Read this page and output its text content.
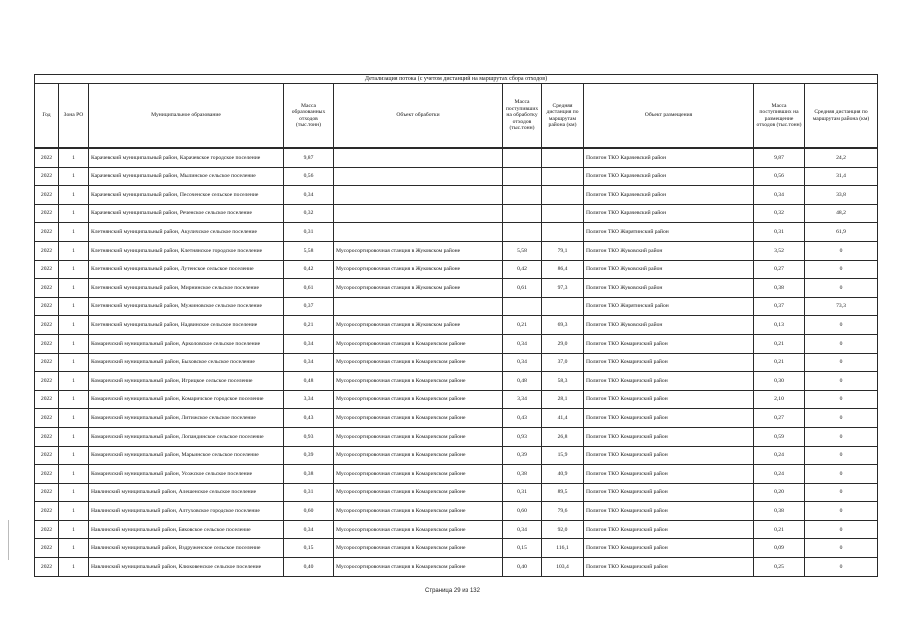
Детализация потока (с учетом дистанций на маршрутах сбора отходов)									
Год	Зона РО	Муниципальное образование	Масса образованных отходов (тыс.тонн)	Объект обработки	Масса поступивших на обработку отходов (тыс.тонн)	Средняя дистанция по маршрутам района (км)	Объект размещения	Масса поступивших на размещение отходов (тыс.тонн)	Средняя дистанция по маршрутам района (км)
2022	1	Карачевский муниципальный район, Карачевское городское поселение	9,87				Полигон ТКО Карачевский район	9,87	24,2
2022	1	Карачевский муниципальный район, Мылинское сельское поселение	0,56				Полигон ТКО Карачевский район	0,56	31,4
2022	1	Карачевский муниципальный район, Песоченское сельское поселение	0,34				Полигон ТКО Карачевский район	0,34	33,8
2022	1	Карачевский муниципальный район, Реченское сельское поселение	0,32				Полигон ТКО Карачевский район	0,32	48,2
2022	1	Клетнянский муниципальный район, Акуличское сельское поселение	0,31				Полигон ТКО Жирятинский район	0,31	61,9
2022	1	Клетнянский муниципальный район, Клетнянское городское поселение	5,58	Мусоросортировочная станция в Жуковском районе	5,58	79,1	Полигон ТКО Жуковский район	3,52	0
2022	1	Клетнянский муниципальный район, Лутенское сельское поселение	0,42	Мусоросортировочная станция в Жуковском районе	0,42	86,4	Полигон ТКО Жуковский район	0,27	0
2022	1	Клетнянский муниципальный район, Мирнинское сельское поселение	0,61	Мусоросортировочная станция в Жуковском районе	0,61	97,3	Полигон ТКО Жуковский район	0,38	0
2022	1	Клетнянский муниципальный район, Мужиновское сельское поселение	0,37				Полигон ТКО Жирятинский район	0,37	73,3
2022	1	Клетнянский муниципальный район, Надвинское сельское поселение	0,21	Мусоросортировочная станция в Жуковском районе	0,21	69,3	Полигон ТКО Жуковский район	0,13	0
2022	1	Комаричский муниципальный район, Арколовское сельское поселение	0,34	Мусоросортировочная станция в Комаричском районе	0,34	29,0	Полигон ТКО Комаричский район	0,21	0
2022	1	Комаричский муниципальный район, Быховское сельское поселение	0,34	Мусоросортировочная станция в Комаричском районе	0,34	37,0	Полигон ТКО Комаричский район	0,21	0
2022	1	Комаричский муниципальный район, Игрицкое сельское поселение	0,48	Мусоросортировочная станция в Комаричском районе	0,48	58,3	Полигон ТКО Комаричский район	0,30	0
2022	1	Комаричский муниципальный район, Комаричское городское поселение	3,34	Мусоросортировочная станция в Комаричском районе	3,34	28,1	Полигон ТКО Комаричский район	2,10	0
2022	1	Комаричский муниципальный район, Литижское сельское поселение	0,43	Мусоросортировочная станция в Комаричском районе	0,43	41,4	Полигон ТКО Комаричский район	0,27	0
2022	1	Комаричский муниципальный район, Лопандинское сельское поселение	0,93	Мусоросортировочная станция в Комаричском районе	0,93	26,8	Полигон ТКО Комаричский район	0,59	0
2022	1	Комаричский муниципальный район, Марьинское сельское поселение	0,39	Мусоросортировочная станция в Комаричском районе	0,39	15,9	Полигон ТКО Комаричский район	0,24	0
2022	1	Комаричский муниципальный район, Усожское сельское поселение	0,38	Мусоросортировочная станция в Комаричском районе	0,38	40,9	Полигон ТКО Комаричский район	0,24	0
2022	1	Навлинский муниципальный район, Алешенское сельское поселение	0,31	Мусоросортировочная станция в Комаричском районе	0,31	89,5	Полигон ТКО Комаричский район	0,20	0
2022	1	Навлинский муниципальный район, Алтуховское городское поселение	0,60	Мусоросортировочная станция в Комаричском районе	0,60	79,6	Полигон ТКО Комаричский район	0,38	0
2022	1	Навлинский муниципальный район, Бяковское сельское поселение	0,34	Мусоросортировочная станция в Комаричском районе	0,34	92,0	Полигон ТКО Комаричский район	0,21	0
2022	1	Навлинский муниципальный район, Вздруженское сельское поселение	0,15	Мусоросортировочная станция в Комаричском районе	0,15	116,1	Полигон ТКО Комаричский район	0,09	0
2022	1	Навлинский муниципальный район, Клюковенское сельское поселение	0,40	Мусоросортировочная станция в Комаричском районе	0,40	103,4	Полигон ТКО Комаричский район	0,25	0
Страница 29 из 132
